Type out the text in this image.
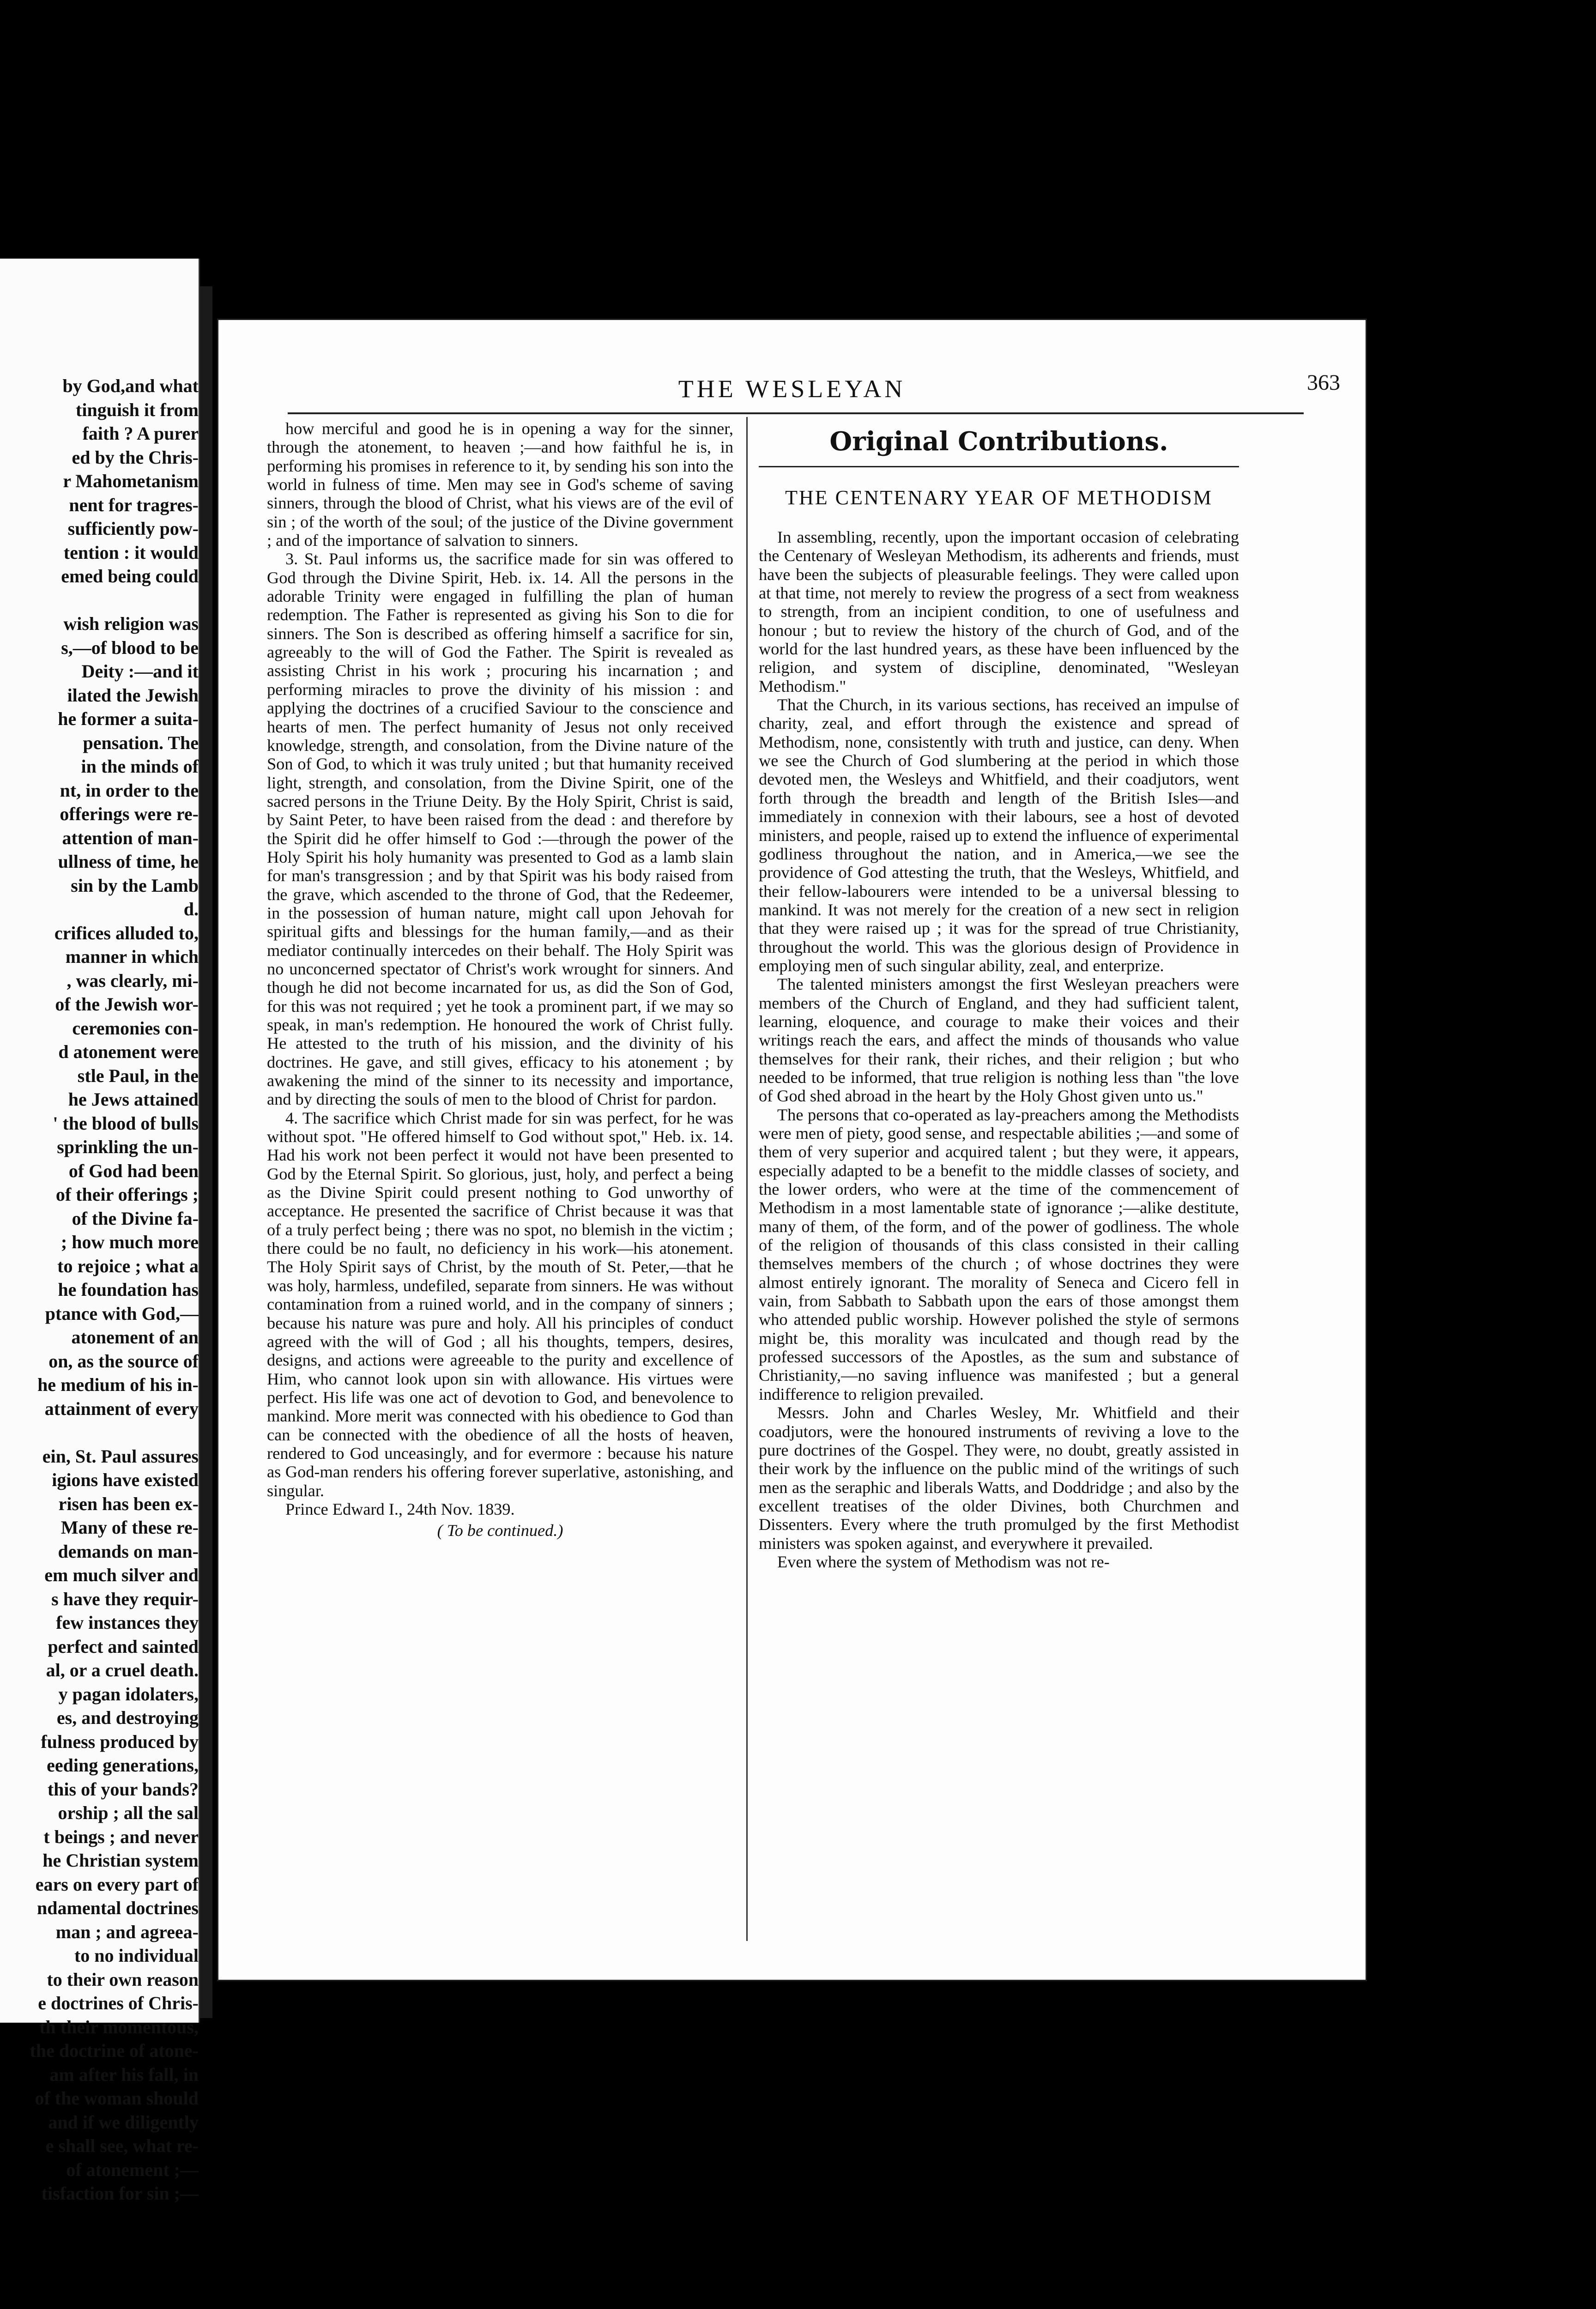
by God,and what
tinguish it from
faith ? A purer
ed by the Chris-
r Mahometanism
nent for tragres-
sufficiently pow-
tention : it would
emed being could

wish religion was
s,—of blood to be
Deity :—and it
ilated the Jewish
he former a suita-
pensation. The
in the minds of
nt, in order to the
offerings were re-
attention of man-
ullness of time, he
sin by the Lamb
d.
crifices alluded to,
manner in which
, was clearly, mi-
of the Jewish wor-
ceremonies con-
d atonement were
stle Paul, in the
he Jews attained
' the blood of bulls
sprinkling the un-
of God had been
of their offerings ;
of the Divine fa-
; how much more
to rejoice ; what a
he foundation has
ptance with God,—
atonement of an
on, as the source of
he medium of his in-
attainment of every

ein, St. Paul assures
igions have existed
risen has been ex-
Many of these re-
demands on man-
em much silver and
s have they requir-
few instances they
perfect and sainted
al, or a cruel death.
y pagan idolaters,
es, and destroying
fulness produced by
eeding generations,
this of your bands?
orship ; all the sal
t beings ; and never
he Christian system
ears on every part of
ndamental doctrines
man ; and agreea-
to no individual
to their own reason
e doctrines of Chris-
th their momentous,
the doctrine of atone-
am after his fall, in
of the woman should
and if we diligently
e shall see, what re-
of atonement ;—
tisfaction for sin ;—
THE WESLEYAN	363

how merciful and good he is in opening a way for the sinner, through the atonement, to heaven ;—and how faithful he is, in performing his promises in reference to it, by sending his son into the world in fulness of time. Men may see in God's scheme of saving sinners, through the blood of Christ, what his views are of the evil of sin ; of the worth of the soul; of the justice of the Divine government ; and of the importance of salvation to sinners.

3. St. Paul informs us, the sacrifice made for sin was offered to God through the Divine Spirit, Heb. ix. 14. All the persons in the adorable Trinity were engaged in fulfilling the plan of human redemption. The Father is represented as giving his Son to die for sinners. The Son is described as offering himself a sacrifice for sin, agreeably to the will of God the Father. The Spirit is revealed as assisting Christ in his work ; procuring his incarnation ; and performing miracles to prove the divinity of his mission : and applying the doctrines of a crucified Saviour to the conscience and hearts of men. The perfect humanity of Jesus not only received knowledge, strength, and consolation, from the Divine nature of the Son of God, to which it was truly united ; but that humanity received light, strength, and consolation, from the Divine Spirit, one of the sacred persons in the Triune Deity. By the Holy Spirit, Christ is said, by Saint Peter, to have been raised from the dead : and therefore by the Spirit did he offer himself to God :—through the power of the Holy Spirit his holy humanity was presented to God as a lamb slain for man's transgression ; and by that Spirit was his body raised from the grave, which ascended to the throne of God, that the Redeemer, in the possession of human nature, might call upon Jehovah for spiritual gifts and blessings for the human family,—and as their mediator continually intercedes on their behalf. The Holy Spirit was no unconcerned spectator of Christ's work wrought for sinners. And though he did not become incarnated for us, as did the Son of God, for this was not required ; yet he took a prominent part, if we may so speak, in man's redemption. He honoured the work of Christ fully. He attested to the truth of his mission, and the divinity of his doctrines. He gave, and still gives, efficacy to his atonement ; by awakening the mind of the sinner to its necessity and importance, and by directing the souls of men to the blood of Christ for pardon.

4. The sacrifice which Christ made for sin was perfect, for he was without spot. "He offered himself to God without spot," Heb. ix. 14. Had his work not been perfect it would not have been presented to God by the Eternal Spirit. So glorious, just, holy, and perfect a being as the Divine Spirit could present nothing to God unworthy of acceptance. He presented the sacrifice of Christ because it was that of a truly perfect being ; there was no spot, no blemish in the victim ; there could be no fault, no deficiency in his work—his atonement. The Holy Spirit says of Christ, by the mouth of St. Peter,—that he was holy, harmless, undefiled, separate from sinners. He was without contamination from a ruined world, and in the company of sinners ; because his nature was pure and holy. All his principles of conduct agreed with the will of God ; all his thoughts, tempers, desires, designs, and actions were agreeable to the purity and excellence of Him, who cannot look upon sin with allowance. His virtues were perfect. His life was one act of devotion to God, and benevolence to mankind. More merit was connected with his obedience to God than can be connected with the obedience of all the hosts of heaven, rendered to God unceasingly, and for evermore : because his nature as God-man renders his offering forever superlative, astonishing, and singular.

Prince Edward I., 24th Nov. 1839.

( To be continued.)

Original Contributions.
THE CENTENARY YEAR OF METHODISM

In assembling, recently, upon the important occasion of celebrating the Centenary of Wesleyan Methodism, its adherents and friends, must have been the subjects of pleasurable feelings. They were called upon at that time, not merely to review the progress of a sect from weakness to strength, from an incipient condition, to one of usefulness and honour ; but to review the history of the church of God, and of the world for the last hundred years, as these have been influenced by the religion, and system of discipline, denominated, "Wesleyan Methodism."

That the Church, in its various sections, has received an impulse of charity, zeal, and effort through the existence and spread of Methodism, none, consistently with truth and justice, can deny. When we see the Church of God slumbering at the period in which those devoted men, the Wesleys and Whitfield, and their coadjutors, went forth through the breadth and length of the British Isles—and immediately in connexion with their labours, see a host of devoted ministers, and people, raised up to extend the influence of experimental godliness throughout the nation, and in America,—we see the providence of God attesting the truth, that the Wesleys, Whitfield, and their fellow-labourers were intended to be a universal blessing to mankind. It was not merely for the creation of a new sect in religion that they were raised up ; it was for the spread of true Christianity, throughout the world. This was the glorious design of Providence in employing men of such singular ability, zeal, and enterprize.

The talented ministers amongst the first Wesleyan preachers were members of the Church of England, and they had sufficient talent, learning, eloquence, and courage to make their voices and their writings reach the ears, and affect the minds of thousands who value themselves for their rank, their riches, and their religion ; but who needed to be informed, that true religion is nothing less than "the love of God shed abroad in the heart by the Holy Ghost given unto us."

The persons that co-operated as lay-preachers among the Methodists were men of piety, good sense, and respectable abilities ;—and some of them of very superior and acquired talent ; but they were, it appears, especially adapted to be a benefit to the middle classes of society, and the lower orders, who were at the time of the commencement of Methodism in a most lamentable state of ignorance ;—alike destitute, many of them, of the form, and of the power of godliness. The whole of the religion of thousands of this class consisted in their calling themselves members of the church ; of whose doctrines they were almost entirely ignorant. The morality of Seneca and Cicero fell in vain, from Sabbath to Sabbath upon the ears of those amongst them who attended public worship. However polished the style of sermons might be, this morality was inculcated and though read by the professed successors of the Apostles, as the sum and substance of Christianity,—no saving influence was manifested ; but a general indifference to religion prevailed.

Messrs. John and Charles Wesley, Mr. Whitfield and their coadjutors, were the honoured instruments of reviving a love to the pure doctrines of the Gospel. They were, no doubt, greatly assisted in their work by the influence on the public mind of the writings of such men as the seraphic and liberals Watts, and Doddridge ; and also by the excellent treatises of the older Divines, both Churchmen and Dissenters. Every where the truth promulged by the first Methodist ministers was spoken against, and everywhere it prevailed.

Even where the system of Methodism was not re-
